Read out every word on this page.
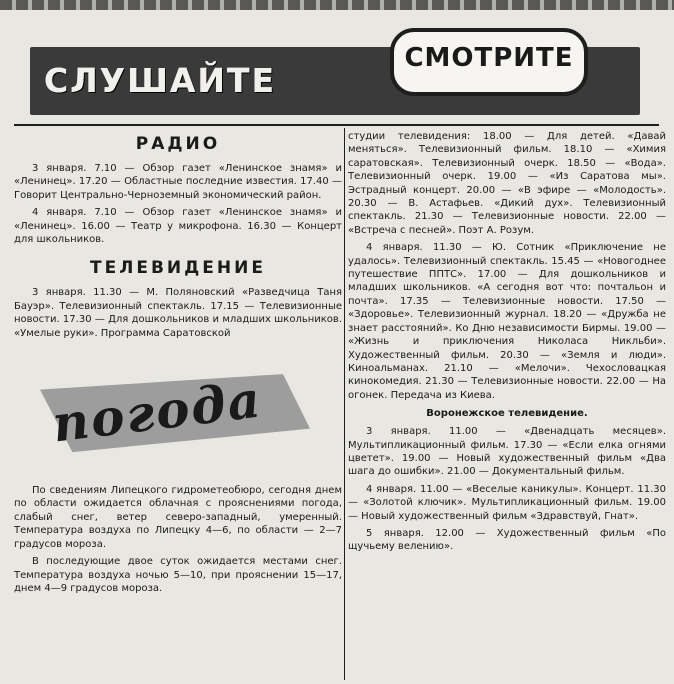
СЛУШАЙТЕ
СМОТРИТЕ
РАДИО

3 января. 7.10 — Обзор газет «Ленинское знамя» и «Ленинец». 17.20 — Областные последние известия. 17.40 — Говорит Центрально-Черноземный экономический район.

4 января. 7.10 — Обзор газет «Ленинское знамя» и «Ленинец». 16.00 — Театр у микрофона. 16.30 — Концерт для школьников.

ТЕЛЕВИДЕНИЕ

3 января. 11.30 — М. Поляновский «Разведчица Таня Бауэр». Телевизионный спектакль. 17.15 — Телевизионные новости. 17.30 — Для дошкольников и младших школьников. «Умелые руки». Программа Саратовской

погода

По сведениям Липецкого гидрометеобюро, сегодня днем по области ожидается облачная с прояснениями погода, слабый снег, ветер северо-западный, умеренный. Температура воздуха по Липецку 4—6, по области — 2—7 градусов мороза.

В последующие двое суток ожидается местами снег. Температура воздуха ночью 5—10, при прояснении 15—17, днем 4—9 градусов мороза.

студии телевидения: 18.00 — Для детей. «Давай меняться». Телевизионный фильм. 18.10 — «Химия саратовская». Телевизионный очерк. 18.50 — «Вода». Телевизионный очерк. 19.00 — «Из Саратова мы». Эстрадный концерт. 20.00 — «В эфире — «Молодость». 20.30 — В. Астафьев. «Дикий дух». Телевизионный спектакль. 21.30 — Телевизионные новости. 22.00 — «Встреча с песней». Поэт А. Розум.

4 января. 11.30 — Ю. Сотник «Приключение не удалось». Телевизионный спектакль. 15.45 — «Новогоднее путешествие ППТС». 17.00 — Для дошкольников и младших школьников. «А сегодня вот что: почтальон и почта». 17.35 — Телевизионные новости. 17.50 — «Здоровье». Телевизионный журнал. 18.20 — «Дружба не знает расстояний». Ко Дню независимости Бирмы. 19.00 — «Жизнь и приключения Николаса Никльби». Художественный фильм. 20.30 — «Земля и люди». Киноальманах. 21.10 — «Мелочи». Чехословацкая кинокомедия. 21.30 — Телевизионные новости. 22.00 — На огонек. Передача из Киева.

Воронежское телевидение.

3 января. 11.00 — «Двенадцать месяцев». Мультипликационный фильм. 17.30 — «Если елка огнями цветет». 19.00 — Новый художественный фильм «Два шага до ошибки». 21.00 — Документальный фильм.

4 января. 11.00 — «Веселые каникулы». Концерт. 11.30 — «Золотой ключик». Мультипликационный фильм. 19.00 — Новый художественный фильм «Здравствуй, Гнат».

5 января. 12.00 — Художественный фильм «По щучьему велению».
